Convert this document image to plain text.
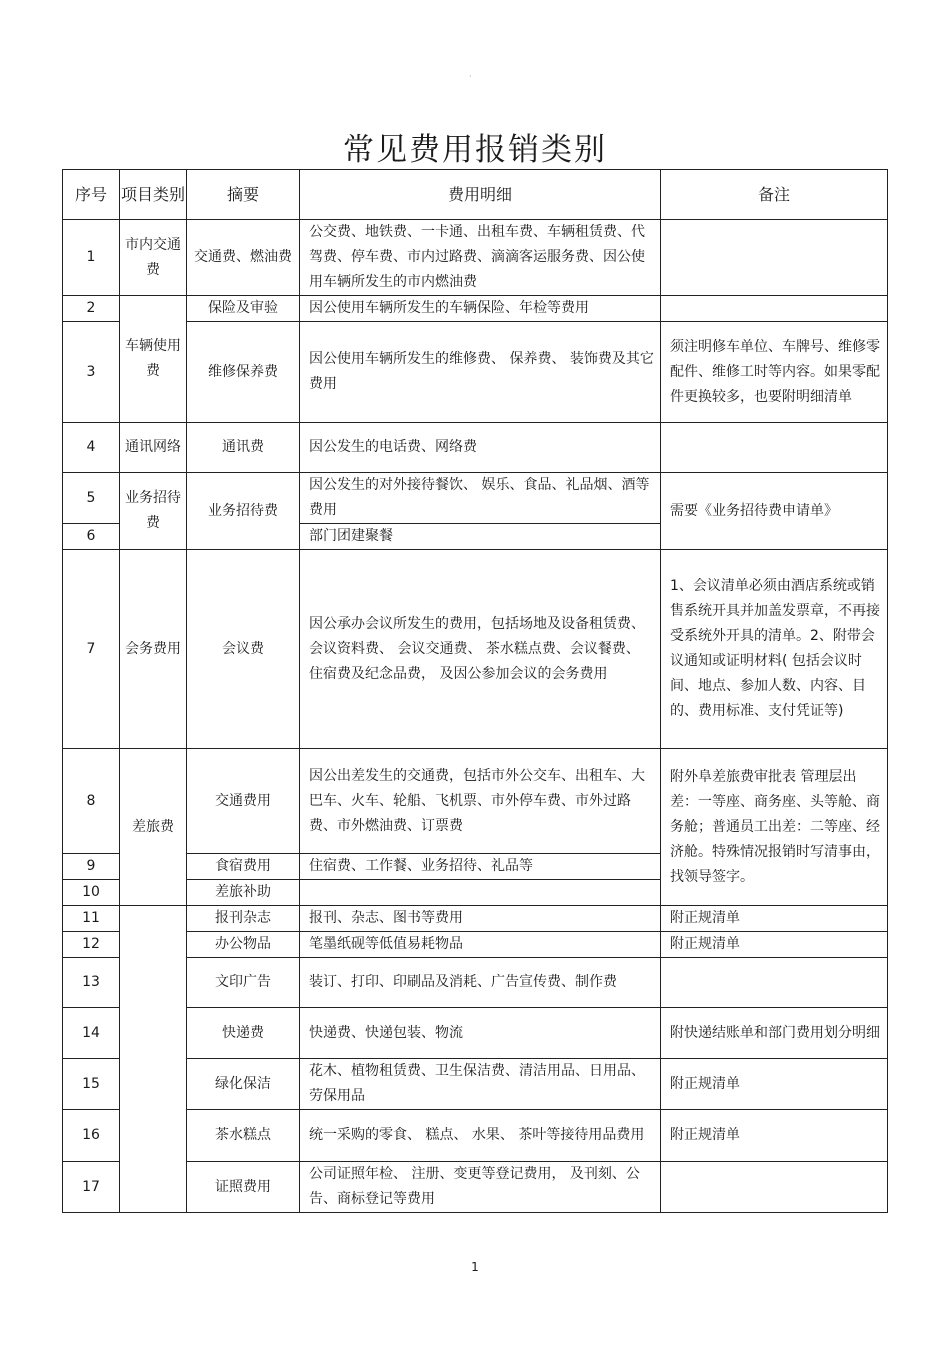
·
常见费用报销类别
序号	项目类别	摘要	费用明细	备注
1	市内交通费	交通费、燃油费	公交费、地铁费、一卡通、出租车费、车辆租赁费、代驾费、停车费、市内过路费、滴滴客运服务费、因公使用车辆所发生的市内燃油费	
2	车辆使用费	保险及审验	因公使用车辆所发生的车辆保险、年检等费用	
3		维修保养费	因公使用车辆所发生的维修费、 保养费、 装饰费及其它费用	须注明修车单位、车牌号、维修零配件、维修工时等内容。如果零配件更换较多，也要附明细清单
4	通讯网络	通讯费	因公发生的电话费、网络费	
5	业务招待费	业务招待费	因公发生的对外接待餐饮、 娱乐、食品、礼品烟、酒等费用	需要《业务招待费申请单》
6			部门团建聚餐	
7	会务费用	会议费	因公承办会议所发生的费用，包括场地及设备租赁费、 会议资料费、 会议交通费、 茶水糕点费、会议餐费、 住宿费及纪念品费， 及因公参加会议的会务费用	1、会议清单必须由酒店系统或销售系统开具并加盖发票章，不再接受系统外开具的清单。2、附带会议通知或证明材料( 包括会议时间、地点、参加人数、内容、目的、费用标准、支付凭证等)
8	差旅费	交通费用	因公出差发生的交通费，包括市外公交车、出租车、大巴车、火车、轮船、飞机票、市外停车费、市外过路费、市外燃油费、订票费	附外阜差旅费审批表 管理层出差：一等座、商务座、头等舱、商务舱；普通员工出差：二等座、经济舱。特殊情况报销时写清事由，找领导签字。
9		食宿费用	住宿费、工作餐、业务招待、礼品等	
10		差旅补助		
11		报刊杂志	报刊、杂志、图书等费用	附正规清单
12		办公物品	笔墨纸砚等低值易耗物品	附正规清单
13		文印广告	装订、打印、印刷品及消耗、广告宣传费、制作费	
14		快递费	快递费、快递包装、物流	附快递结账单和部门费用划分明细
15		绿化保洁	花木、植物租赁费、卫生保洁费、清洁用品、日用品、劳保用品	附正规清单
16		茶水糕点	统一采购的零食、 糕点、 水果、 茶叶等接待用品费用	附正规清单
17		证照费用	公司证照年检、 注册、变更等登记费用， 及刊刻、公告、商标登记等费用	
1
